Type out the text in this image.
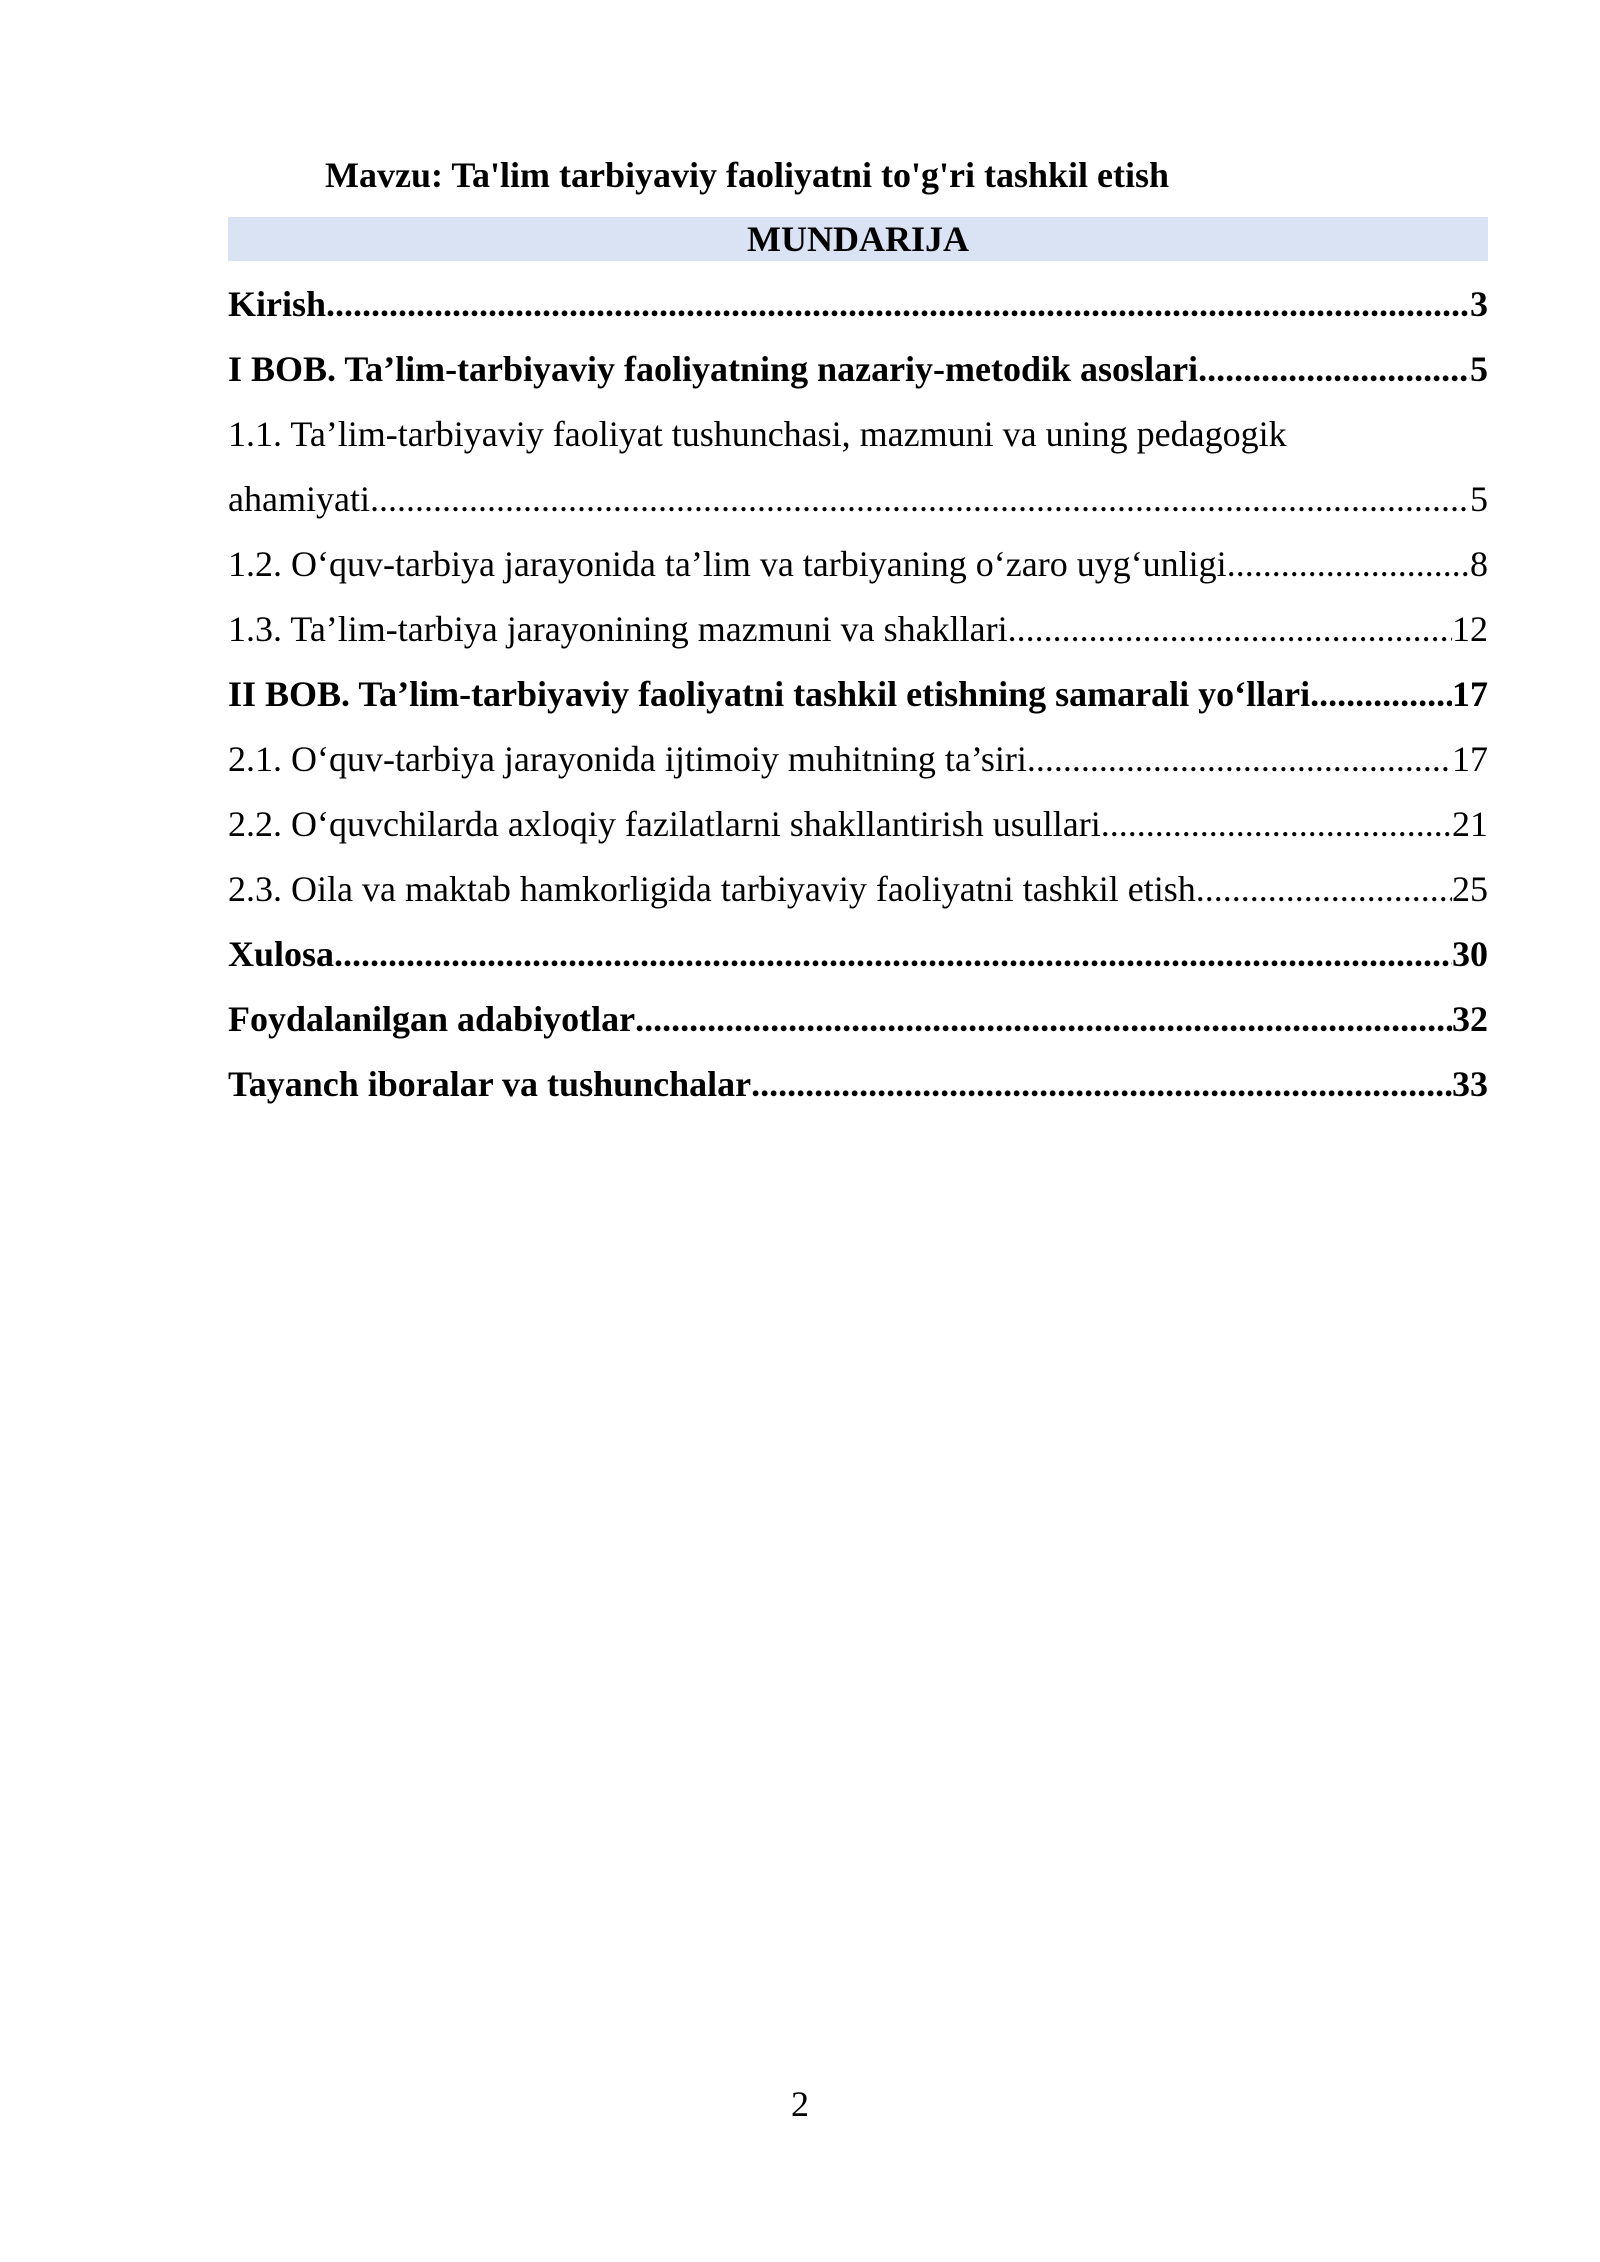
Mavzu: Ta'lim tarbiyaviy faoliyatni to'g'ri tashkil etish
MUNDARIJA
Kirish .....	3
I BOB. Ta’lim-tarbiyaviy faoliyatning nazariy-metodik asoslari .....	5
1.1. Ta’lim-tarbiyaviy faoliyat tushunchasi, mazmuni va uning pedagogik
ahamiyati .....	5
1.2. O‘quv-tarbiya jarayonida ta’lim va tarbiyaning o‘zaro uyg‘unligi .....	8
1.3. Ta’lim-tarbiya jarayonining mazmuni va shakllari .....	12
II BOB. Ta’lim-tarbiyaviy faoliyatni tashkil etishning samarali yo‘llari .....	17
2.1. O‘quv-tarbiya jarayonida ijtimoiy muhitning ta’siri .....	17
2.2. O‘quvchilarda axloqiy fazilatlarni shakllantirish usullari .....	21
2.3. Oila va maktab hamkorligida tarbiyaviy faoliyatni tashkil etish .....	25
Xulosa .....	30
Foydalanilgan adabiyotlar .....	32
Tayanch iboralar va tushunchalar .....	33
2
